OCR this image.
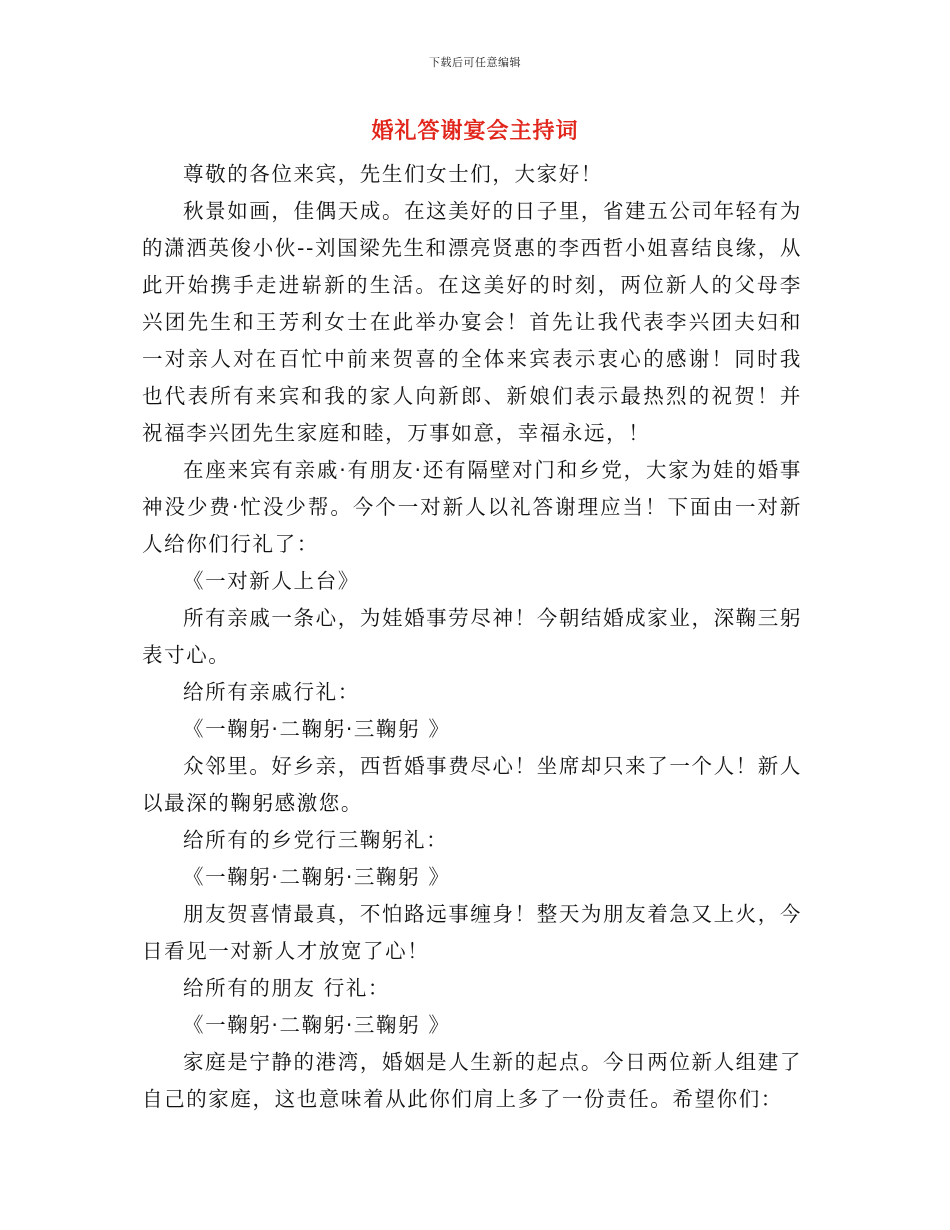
下载后可任意编辑
婚礼答谢宴会主持词

尊敬的各位来宾，先生们女士们，大家好！

秋景如画，佳偶天成。在这美好的日子里，省建五公司年轻有为的潇洒英俊小伙--刘国梁先生和漂亮贤惠的李西哲小姐喜结良缘，从此开始携手走进崭新的生活。在这美好的时刻，两位新人的父母李兴团先生和王芳利女士在此举办宴会！首先让我代表李兴团夫妇和一对亲人对在百忙中前来贺喜的全体来宾表示衷心的感谢！同时我也代表所有来宾和我的家人向新郎、新娘们表示最热烈的祝贺！并祝福李兴团先生家庭和睦，万事如意，幸福永远，！

在座来宾有亲戚·有朋友·还有隔壁对门和乡党，大家为娃的婚事神没少费·忙没少帮。今个一对新人以礼答谢理应当！下面由一对新人给你们行礼了：

《一对新人上台》

所有亲戚一条心，为娃婚事劳尽神！今朝结婚成家业，深鞠三躬表寸心。

给所有亲戚行礼：

《一鞠躬·二鞠躬·三鞠躬 》

众邻里。好乡亲，西哲婚事费尽心！坐席却只来了一个人！新人以最深的鞠躬感激您。

给所有的乡党行三鞠躬礼：

《一鞠躬·二鞠躬·三鞠躬 》

朋友贺喜情最真，不怕路远事缠身！整天为朋友着急又上火，今日看见一对新人才放宽了心！

给所有的朋友 行礼：

《一鞠躬·二鞠躬·三鞠躬 》

家庭是宁静的港湾，婚姻是人生新的起点。今日两位新人组建了自己的家庭，这也意味着从此你们肩上多了一份责任。希望你们：
